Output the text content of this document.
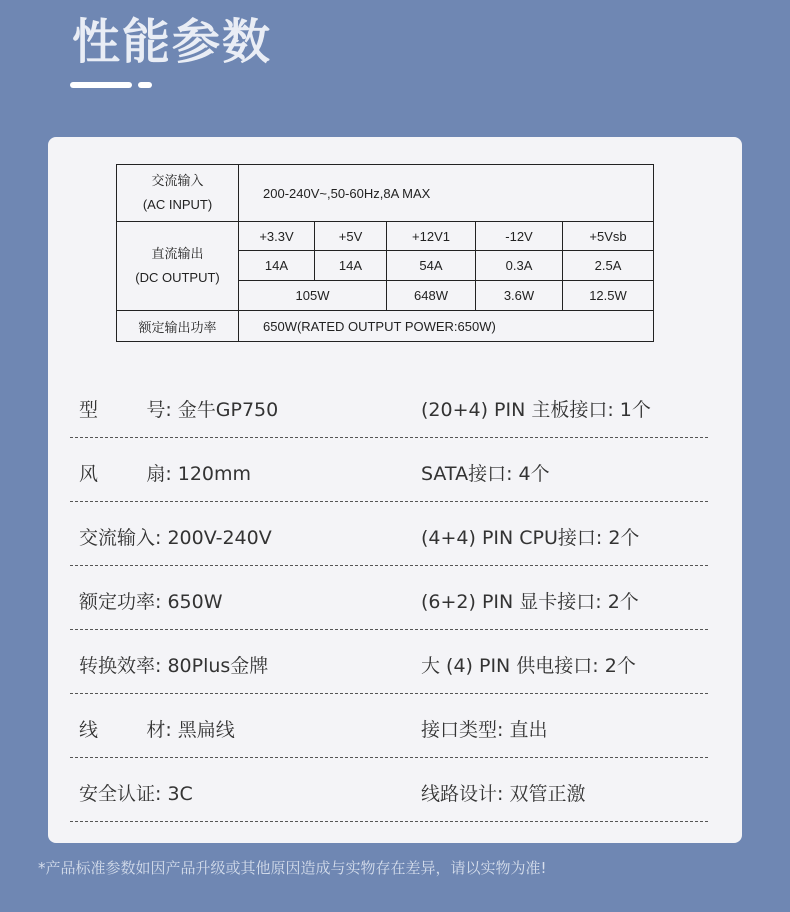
性能参数
交流输入
(AC INPUT)	200-240V~,50-60Hz,8A MAX				

直流输出
(DC OUTPUT)	+3.3V	+5V	+12V1	-12V	+5Vsb
	14A	14A	54A	0.3A	2.5A
	105W		648W	3.6W	12.5W
额定输出功率	650W(RATED OUTPUT POWER:650W)				
型        号: 金牛GP750	(20+4) PIN 主板接口: 1个
风        扇: 120mm	SATA接口: 4个
交流输入: 200V-240V	(4+4) PIN CPU接口: 2个
额定功率: 650W	(6+2) PIN 显卡接口: 2个
转换效率: 80Plus金牌	大 (4) PIN 供电接口: 2个
线        材: 黑扁线	接口类型: 直出
安全认证: 3C	线路设计: 双管正激
*产品标准参数如因产品升级或其他原因造成与实物存在差异，请以实物为准!
